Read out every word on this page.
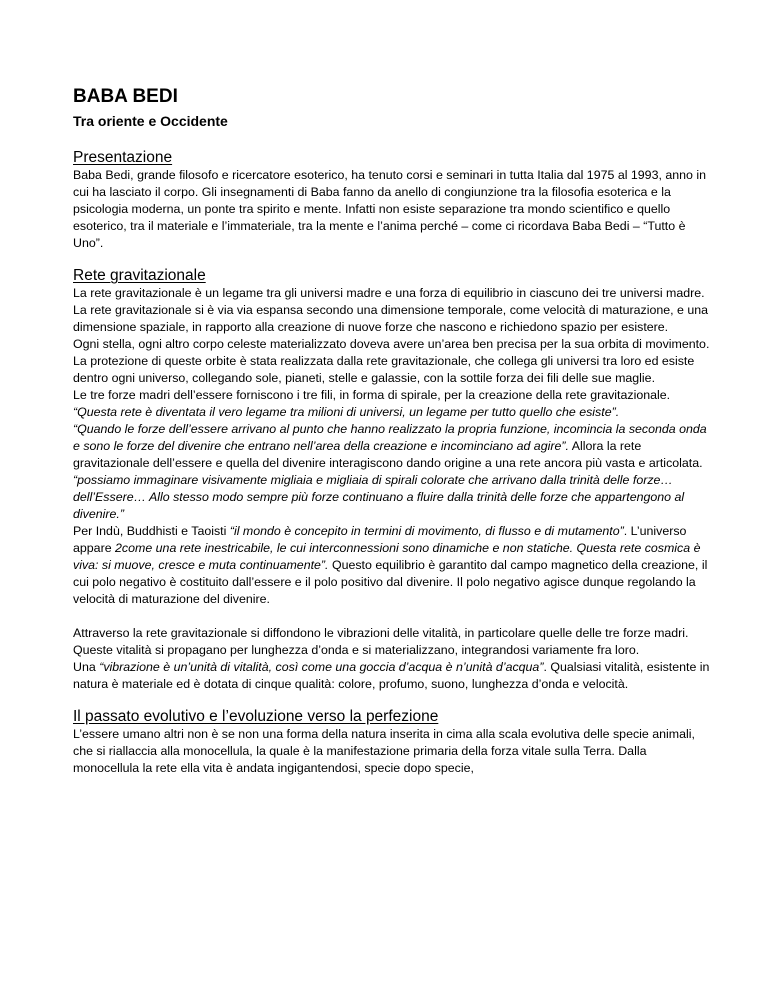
BABA BEDI
Tra oriente e Occidente
Presentazione

Baba Bedi, grande filosofo e ricercatore esoterico, ha tenuto corsi e seminari in tutta Italia dal 1975 al 1993, anno in cui ha lasciato il corpo. Gli insegnamenti di Baba fanno da anello di congiunzione tra la filosofia esoterica e la psicologia moderna, un ponte tra spirito e mente. Infatti non esiste separazione tra mondo scientifico e quello esoterico, tra il materiale e l’immateriale, tra la mente e l’anima perché – come ci ricordava Baba Bedi – “Tutto è Uno”.

Rete gravitazionale

La rete gravitazionale è un legame tra gli universi madre e una forza di equilibrio in ciascuno dei tre universi madre. La rete gravitazionale si è via via espansa secondo una dimensione temporale, come velocità di maturazione, e una dimensione spaziale, in rapporto alla creazione di nuove forze che nascono e richiedono spazio per esistere.

Ogni stella, ogni altro corpo celeste materializzato doveva avere un’area ben precisa per la sua orbita di movimento. La protezione di queste orbite è stata realizzata dalla rete gravitazionale, che collega gli universi tra loro ed esiste dentro ogni universo, collegando sole, pianeti, stelle e galassie, con la sottile forza dei fili delle sue maglie.

Le tre forze madri dell’essere forniscono i tre fili, in forma di spirale, per la creazione della rete gravitazionale. “Questa rete è diventata il vero legame tra milioni di universi, un legame per tutto quello che esiste”.

“Quando le forze dell’essere arrivano al punto che hanno realizzato la propria funzione, incomincia la seconda onda e sono le forze del divenire che entrano nell’area della creazione e incominciano ad agire”. Allora la rete gravitazionale dell’essere e quella del divenire interagiscono dando origine a una rete ancora più vasta e articolata.

“possiamo immaginare visivamente migliaia e migliaia di spirali colorate che arrivano dalla trinità delle forze… dell’Essere… Allo stesso modo sempre più forze continuano a fluire dalla trinità delle forze che appartengono al divenire.”

Per Indù, Buddhisti e Taoisti “il mondo è concepito in termini di movimento, di flusso e di mutamento”. L’universo appare 2come una rete inestricabile, le cui interconnessioni sono dinamiche e non statiche. Questa rete cosmica è viva: si muove, cresce e muta continuamente”. Questo equilibrio è garantito dal campo magnetico della creazione, il cui polo negativo è costituito dall’essere e il polo positivo dal divenire. Il polo negativo agisce dunque regolando la velocità di maturazione del divenire.

Attraverso la rete gravitazionale si diffondono le vibrazioni delle vitalità, in particolare quelle delle tre forze madri. Queste vitalità si propagano per lunghezza d’onda e si materializzano, integrandosi variamente fra loro.

Una “vibrazione è un’unità di vitalità, così come una goccia d’acqua è n’unità d’acqua”. Qualsiasi vitalità, esistente in natura è materiale ed è dotata di cinque qualità: colore, profumo, suono, lunghezza d’onda e velocità.

Il passato evolutivo e l’evoluzione verso la perfezione

L’essere umano altri non è se non una forma della natura inserita in cima alla scala evolutiva delle specie animali, che si riallaccia alla monocellula, la quale è la manifestazione primaria della forza vitale sulla Terra. Dalla monocellula la rete ella vita è andata ingigantendosi, specie dopo specie,
